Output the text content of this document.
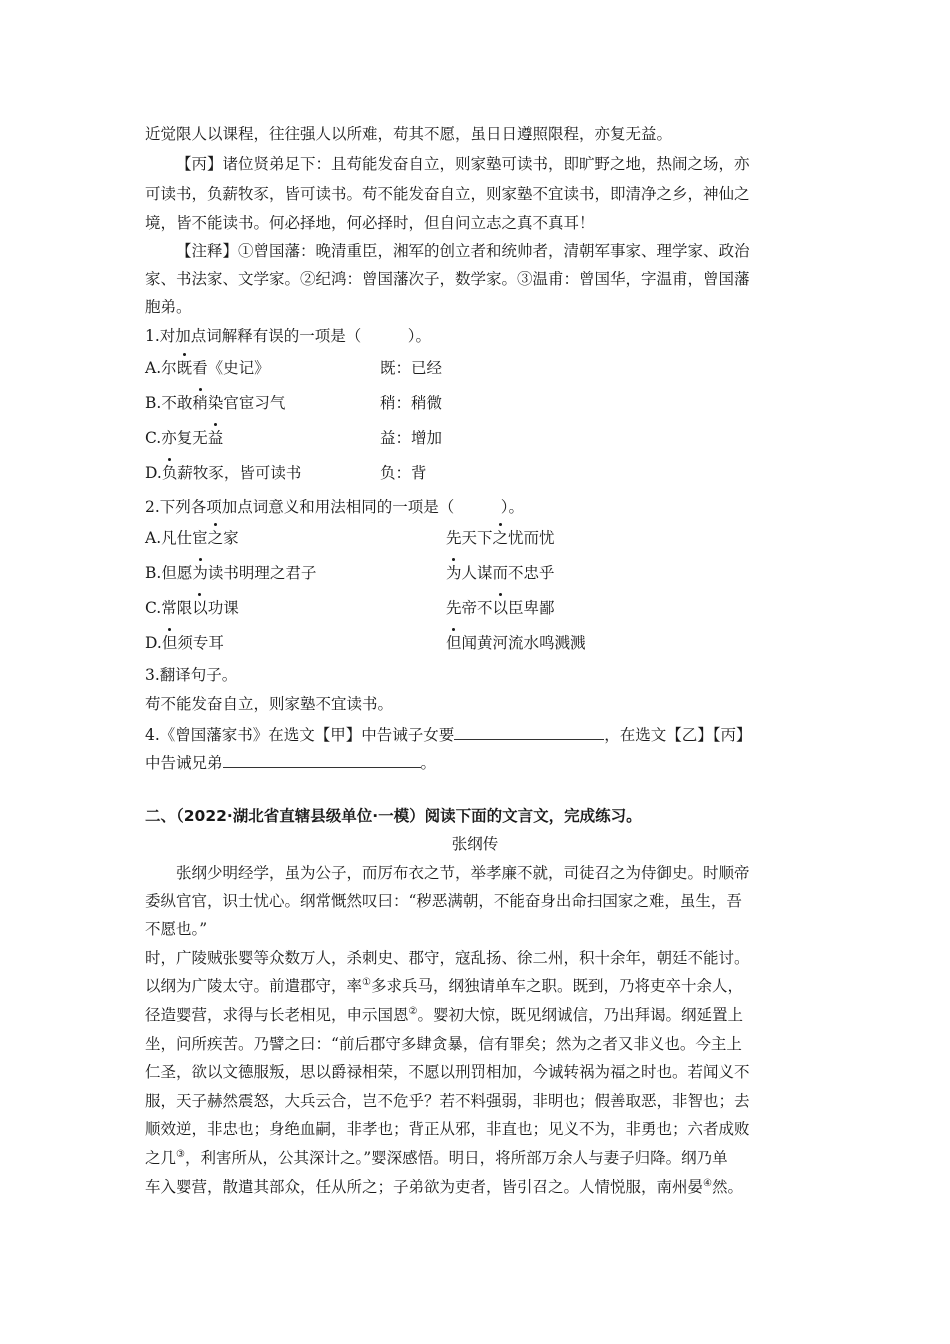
近觉限人以课程，往往强人以所难，苟其不愿，虽日日遵照限程，亦复无益。
【丙】诸位贤弟足下：且苟能发奋自立，则家塾可读书，即旷野之地，热闹之场，亦
可读书，负薪牧豕，皆可读书。苟不能发奋自立，则家塾不宜读书，即清净之乡，神仙之
境，皆不能读书。何必择地，何必择时，但自问立志之真不真耳！
【注释】①曾国藩：晚清重臣，湘军的创立者和统帅者，清朝军事家、理学家、政治
家、书法家、文学家。②纪鸿：曾国藩次子，数学家。③温甫：曾国华，字温甫，曾国藩
胞弟。
1.对加点词解释有误的一项是（　　　）。
A.尔既看《史记》	既：已经
B.不敢稍染官宦习气	稍：稍微
C.亦复无益	益：增加
D.负薪牧豕，皆可读书	负：背
2.下列各项加点词意义和用法相同的一项是（　　　）。
A.凡仕宦之家	先天下之忧而忧
B.但愿为读书明理之君子	为人谋而不忠乎
C.常限以功课	先帝不以臣卑鄙
D.但须专耳	但闻黄河流水鸣溅溅
3.翻译句子。
苟不能发奋自立，则家塾不宜读书。
4.《曾国藩家书》在选文【甲】中告诫子女要	，在选文【乙】【丙】
中告诫兄弟	。
二、（2022·湖北省直辖县级单位·一模）阅读下面的文言文，完成练习。
张纲传
张纲少明经学，虽为公子，而厉布衣之节，举孝廉不就，司徒召之为侍御史。时顺帝
委纵官官，识士忧心。纲常慨然叹曰：“秽恶满朝，不能奋身出命扫国家之难，虽生，吾
不愿也。”
时，广陵贼张婴等众数万人，杀刺史、郡守，寇乱扬、徐二州，积十余年，朝廷不能讨。
以纲为广陵太守。前遣郡守，率①多求兵马，纲独请单车之职。既到，乃将吏卒十余人，
径造婴营，求得与长老相见，申示国恩②。婴初大惊，既见纲诚信，乃出拜谒。纲延置上
坐，问所疾苦。乃譬之曰：“前后郡守多肆贪暴，信有罪矣；然为之者又非义也。今主上
仁圣，欲以文德服叛，思以爵禄相荣，不愿以刑罚相加，今诚转祸为福之时也。若闻义不
服，天子赫然震怒，大兵云合，岂不危乎？若不料强弱，非明也；假善取恶，非智也；去
顺效逆，非忠也；身绝血嗣，非孝也；背正从邪，非直也；见义不为，非勇也；六者成败
之几③，利害所从，公其深计之。”婴深感悟。明日，将所部万余人与妻子归降。纲乃单
车入婴营，散遣其部众，任从所之；子弟欲为吏者，皆引召之。人情悦服，南州晏④然。
